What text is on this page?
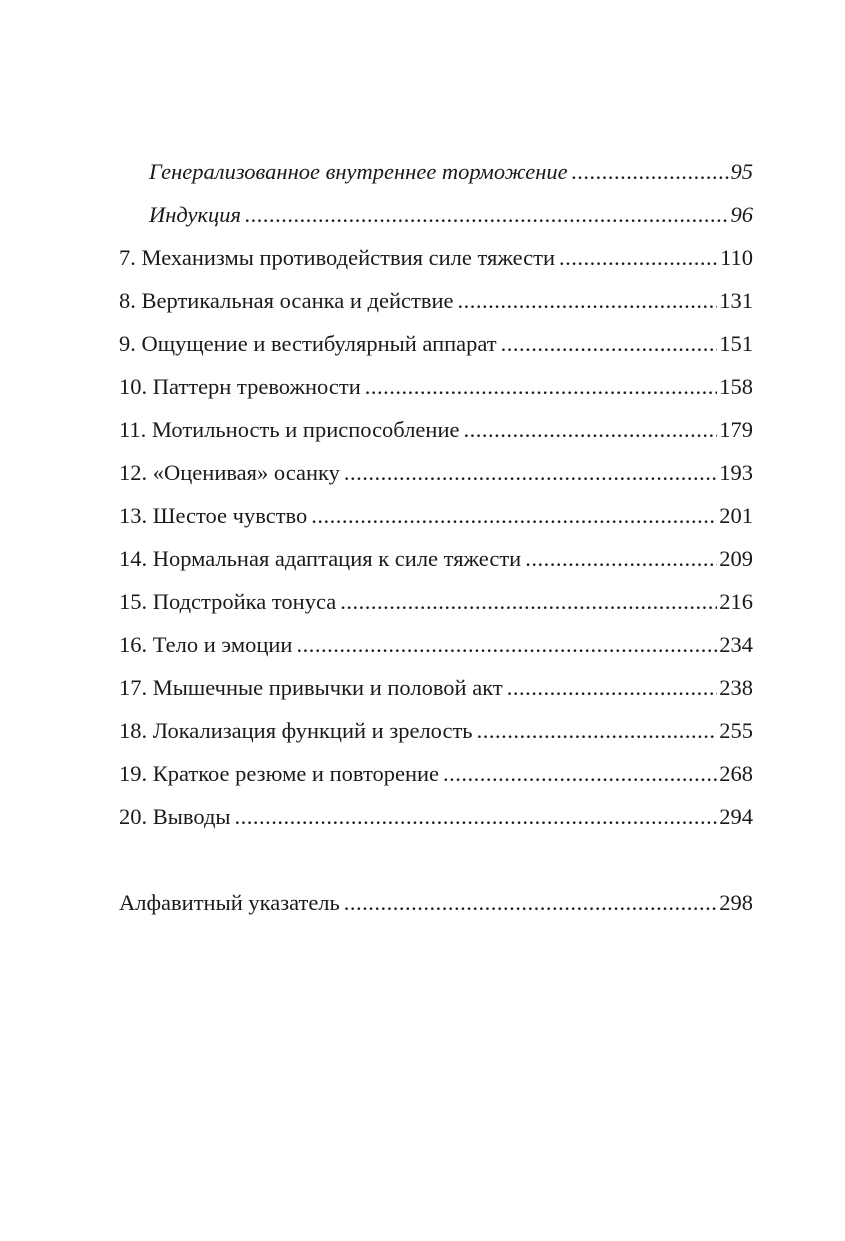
Генерализованное внутреннее торможение .....	95
Индукция .....	96
7. Механизмы противодействия силе тяжести .....	110
8. Вертикальная осанка и действие .....	131
9. Ощущение и вестибулярный аппарат .....	151
10. Паттерн тревожности .....	158
11. Мотильность и приспособление .....	179
12. «Оценивая» осанку .....	193
13. Шестое чувство .....	201
14. Нормальная адаптация к силе тяжести .....	209
15. Подстройка тонуса .....	216
16. Тело и эмоции .....	234
17. Мышечные привычки и половой акт .....	238
18. Локализация функций и зрелость .....	255
19. Краткое резюме и повторение .....	268
20. Выводы .....	294
Алфавитный указатель .....	298
